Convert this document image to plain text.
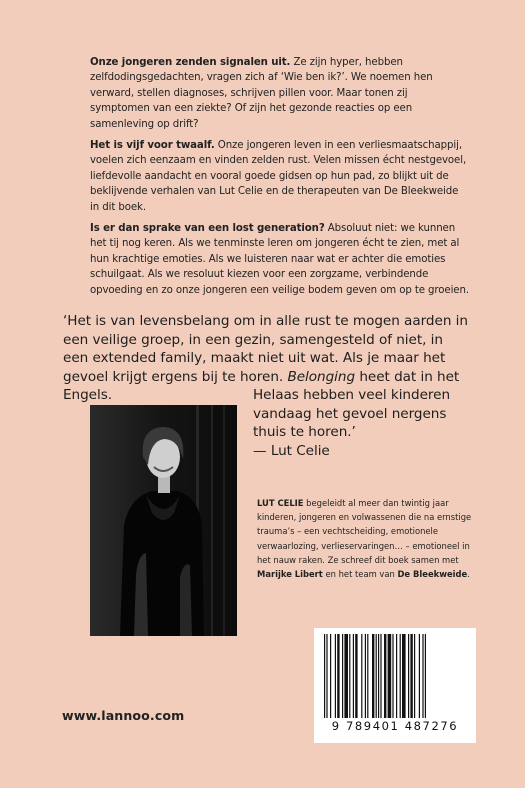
Onze jongeren zenden signalen uit. Ze zijn hyper, hebben zelfdodingsgedachten, vragen zich af ‘Wie ben ik?’. We noemen hen verward, stellen diagnoses, schrijven pillen voor. Maar tonen zij symptomen van een ziekte? Of zijn het gezonde reacties op een samenleving op drift?

Het is vijf voor twaalf. Onze jongeren leven in een verliesmaatschappij, voelen zich eenzaam en vinden zelden rust. Velen missen écht nestgevoel, liefdevolle aandacht en vooral goede gidsen op hun pad, zo blijkt uit de beklijvende verhalen van Lut Celie en de therapeuten van De Bleekweide in dit boek.

Is er dan sprake van een lost generation? Absoluut niet: we kunnen het tij nog keren. Als we tenminste leren om jongeren écht te zien, met al hun krachtige emoties. Als we luisteren naar wat er achter die emoties schuilgaat. Als we resoluut kiezen voor een zorgzame, verbindende opvoeding en zo onze jongeren een veilige bodem geven om op te groeien.

‘Het is van levensbelang om in alle rust te mogen aarden in een veilige groep, in een gezin, samengesteld of niet, in een extended family, maakt niet uit wat. Als je maar het gevoel krijgt ergens bij te horen. Belonging heet dat in het Engels.	Helaas hebben veel kinderen vandaag het gevoel nergens thuis te horen.’
— Lut Celie
LUT CELIE begeleidt al meer dan twintig jaar kinderen, jongeren en volwassenen die na ernstige trauma’s – een vechtscheiding, emotionele verwaarlozing, verlieservaringen… – emotioneel in het nauw raken. Ze schreef dit boek samen met Marijke Libert en het team van De Bleekweide.
9 789401 487276
www.lannoo.com
